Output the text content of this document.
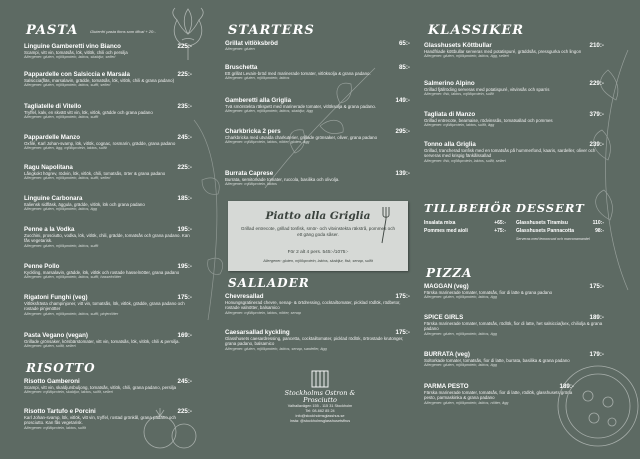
PASTA	Glutenfri pasta finns som tillval + 20:-
Linguine Gamberetti vino Bianco	225:-
Scampi, vitt vin, tomatsås, lök, vitlök, chili och persilja
Allergener: gluten, mjölkprotein, laktos, skaldjur, selleri
Pappardelle con Salsiccia e Marsala	225:-
Salsiccia(fläs, marsalavin, grädde, tomatsås, lök, vitlök, chili & grana padano)
Allergener: gluten, mjölkprotein, laktos, sulfit, selleri
Tagliatelle di Vitello	235:-
Tryffel, kalv, en skvätt vitt vin, lök, vitlök, grädde och grana padano
Allergener: gluten, mjölkprotein, laktos, sulfit
Pappardelle Manzo	245:-
Oxfilé, Karl Johan-svamp, lök, vitlök, cognac, rosmarin, grädde, grana padano
Allergener: gluten, ägg, mjölkprotein, laktos, sulfit
Ragu Napolitana	225:-
Långkokt högrev, rödvin, lök, vitlök, chili, tomatsås, örter & grana padano
Allergener: gluten, mjölkprotein, laktos, sulfit, selleri
Linguine Carbonara	185:-
Italiensk sidfläsk, äggula, grädde, vitlök, lök och grana padano
Allergener: gluten, mjölkprotein, laktos, ägg
Penne a la Vodka	195:-
Zucchini, prosciutto, vodka, lök, vitlök, chili, grädde, tomatsås och grana padano. Kan fås vegetarisk.
Allergener: gluten, mjölkprotein, laktos, sulfit
Penne Pollo	195:-
Kyckling, marsalavin, grädde, lök, vitlök och rostade hasselnötter, grana padano
Allergener: gluten, mjölkprotein, laktos, sulfit, hasselnötter
Rigatoni Funghi (veg)	175:-
Vitlöksfrästa champinjoner, vitt vin, tomatsås, lök, vitlök, grädde, grana padano och rostade pinjenötter
Allergener: gluten, mjölkprotein, laktos, sulfit, pinjenötter
Pasta Vegano (vegan)	169:-
Grillade grönsaker, körsbärstomater, vitt vin, tomatsås, lök, vitlök, chili & persilja.
Allergener: gluten, sulfit, selleri
RISOTTO
Risotto Gamberoni	245:-
Scampi, vitt vin, skaldjursbuljong, tomatsås, vitlök, chili, grana padano, persilja
Allergener: mjölkprotein, skaldjur, laktos, sulfit, selleri
Risotto Tartufo e Porcini	225:-
Karl Johan-svamp, lök, vitlök, vitt vin, tryffel, rostad grönkål, grana padano och prosciutto. Kan fås vegetarisk.
Allergener: mjölkprotein, laktos, sulfit
STARTERS
Grillat vitlöksbröd	65:-
Allergener: gluten
Bruschetta	85:-
Ett grillat Levain-bröd med marinerade tomater, vitlöksolja & grana padano.
Allergener: gluten, mjölkprotein, laktos
Gamberetti alla Griglia	149:-
Tvä smörstekta räkspett med marinerade tomater, vitlöksolja & grana padano.
Allergener: gluten, mjölkprotein, laktos, skaldjur, ägg
Charkbricka 2 pers	295:-
Charkbricka med utvalda charkuterier, grillade grönsaker, oliver, grana padano
Allergener: mjölkprotein, laktos, nötter, gluten, ägg
Burrata Caprese	139:-
Burrata, semitorkade tomater, ruccola, basilika och olivolja.
Allergener: mjölkprotein, laktos
SALLADER
Chevresallad	175:-
Honungsgratinerad chevre, senap- & örtdressing, cocktailtomater, picklad rödlök, rödbetor, rostade valnötter, balsamico
Allergener: mjölkprotein, laktos, nötter, senap
Caesarsallad kyckling	175:-
Glasshusets caesardressing, pancetta, cocktailtomater, picklad rödlök, örtrostade krutonger, grana padano, balsamico
Allergener: gluten, mjölkprotein, laktos, senap, sardeller, ägg
Piatto alla Griglia
Grillad entrecote, grillad tonfisk, smör- och vitvinstekta räkstrå, pommes och ett gäng goda såser.
För 2 alt 4 pers. 545:-/1075:-
Allergener: gluten, mjölkprotein, laktos, skaldjur, fisk, senap, sulfit
Stockholms Ostron & Prosciutto
Valhallavägen 155 - 115 31 Stockholm
Tel: 08-662 85 24
info@stockholmsglasshus.se
Insta: @stockholmsglasshusetsfhus
KLASSIKER
Glasshusets Köttbullar	210:-
Handfriade köttbullar serveras med potatispuré, gräddsås, pressgurka och lingon
Allergener: gluten, mjölkprotein, laktos, ägg, selleri
Salmerino Alpino	229:-
Grillad fjällröding serveras med potatispuré, vitvinsås och sparris
Allergener: fisk, laktos, mjölkprotein, sulfit
Tagliata di Manzo	379:-
Grillad entrecote, bearnaise, rödvinssås, tomatsallad och pommes
Allergener: mjölkprotein, laktos, sulfit, ägg
Tonno alla Griglia	239:-
Grillad, trancherad tonfisk med en tomatsås på hummerfond, kaaris, sardeller, oliver och serveras med krispig fänkålssallad
Allergener: fisk, mjölkprotein, laktos, sulfit, selleri
TILLBEHÖR DESSERT
Insalata mixa	+65:-
Pommes med aioli	+75:-
Glasshusets Tiramisu	110:-
Glasshusets Pannacotta	98:-
Serveras med lemoncurd och marconamandel
PIZZA
MAGGAN (veg)	175:-
Färska marinerade tomater, tomatsås, fior di latte & grana padano
Allergener: gluten, mjölkprotein, laktos, ägg
SPICE GIRLS	189:-
Färska marinerade tomater, tomatsås, rödlök, fior di latte, het salsiccia(kex, chiliolja & grana padano
Allergener: gluten, mjölkprotein, laktos, ägg
BURRATA (veg)	179:-
Soltorkade tomater, tomatsås, fior di latte, burrata, basilika & grana padano
Allergener: gluten, mjölkprotein, laktos, ägg
PARMA PESTO	189:-
Färska marinerade tomater, tomatsås, fior di latte, rödlök, glasshusets gröna pesto, parmaskinka & grana padano
Allergener: gluten, mjölkprotein, laktos, nötter, ägg
